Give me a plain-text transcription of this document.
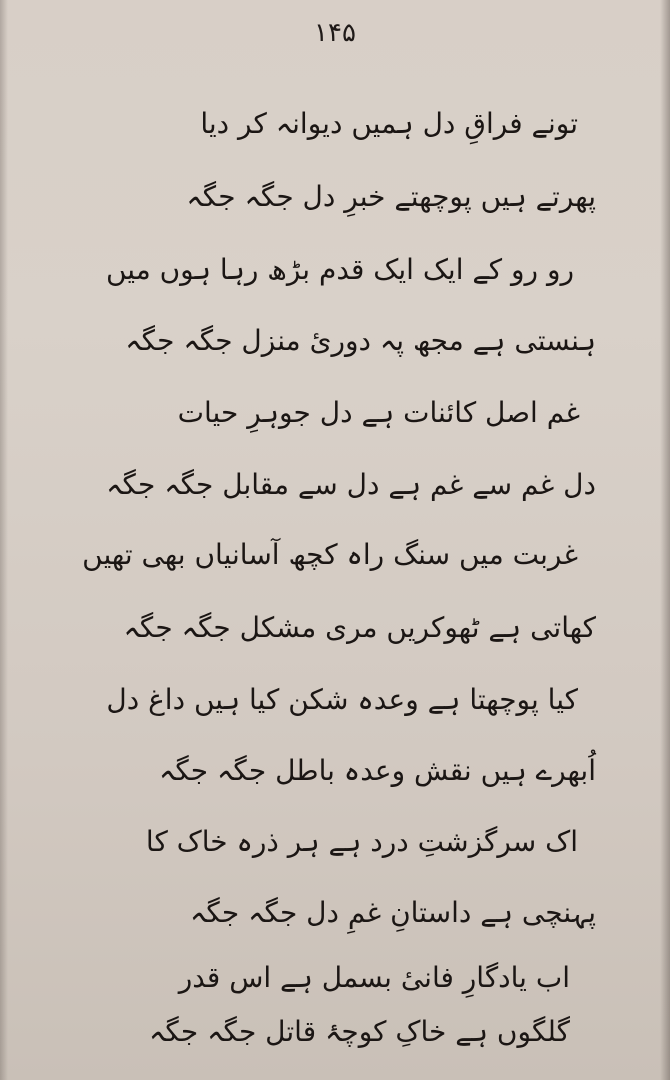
۱۴۵
تونے فراقِ دل ہمیں دیوانہ کر دیا
پھرتے ہیں پوچھتے خبرِ دل جگہ جگہ
رو رو کے ایک ایک قدم بڑھ رہا ہوں میں
ہنستی ہے مجھ پہ دوریٔ منزل جگہ جگہ
غم اصل کائنات ہے دل جوہرِ حیات
دل غم سے غم ہے دل سے مقابل جگہ جگہ
غربت میں سنگ راہ کچھ آسانیاں بھی تھیں
کھاتی ہے ٹھوکریں مری مشکل جگہ جگہ
کیا پوچھتا ہے وعدہ شکن کیا ہیں داغ دل
اُبھرے ہیں نقش وعدہ باطل جگہ جگہ
اک سرگزشتِ درد ہے ہر ذرہ خاک کا
پہنچی ہے داستانِ غمِ دل جگہ جگہ
اب یادگارِ فانیٔ بسمل ہے اس قدر
گلگوں ہے خاکِ کوچۂ قاتل جگہ جگہ
